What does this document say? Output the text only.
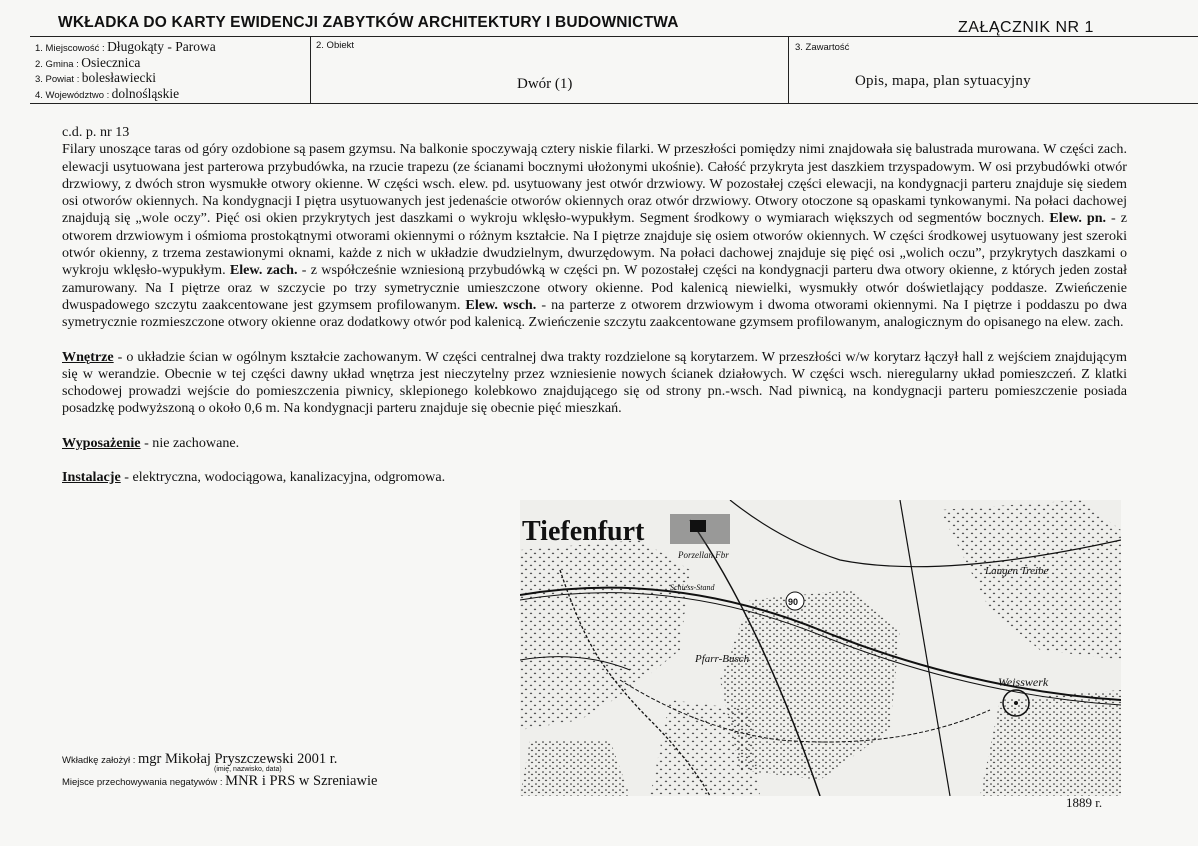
WKŁADKA DO KARTY EWIDENCJI ZABYTKÓW ARCHITEKTURY I BUDOWNICTWA	ZAŁĄCZNIK NR 1
1. Miejscowość : Długokąty - Parowa
2. Gmina : Osiecznica
3. Powiat : bolesławiecki
4. Województwo : dolnośląskie
2. Obiekt
Dwór (1)
3. Zawartość
Opis, mapa, plan sytuacyjny

c.d. p. nr 13

Filary unoszące taras od góry ozdobione są pasem gzymsu. Na balkonie spoczywają cztery niskie filarki. W przeszłości pomiędzy nimi znajdowała się balustrada murowana. W części zach. elewacji usytuowana jest parterowa przybudówka, na rzucie trapezu (ze ścianami bocznymi ułożonymi ukośnie). Całość przykryta jest daszkiem trzyspadowym. W osi przybudówki otwór drzwiowy, z dwóch stron wysmukłe otwory okienne. W części wsch. elew. pd. usytuowany jest otwór drzwiowy. W pozostałej części elewacji, na kondygnacji parteru znajduje się siedem osi otworów okiennych. Na kondygnacji I piętra usytuowanych jest jedenaście otworów okiennych oraz otwór drzwiowy. Otwory otoczone są opaskami tynkowanymi. Na połaci dachowej znajdują się „wole oczy”. Pięć osi okien przykrytych jest daszkami o wykroju wklęsło-wypukłym. Segment środkowy o wymiarach większych od segmentów bocznych. Elew. pn. - z otworem drzwiowym i ośmioma prostokątnymi otworami okiennymi o różnym kształcie. Na I piętrze znajduje się osiem otworów okiennych. W części środkowej usytuowany jest szeroki otwór okienny, z trzema zestawionymi oknami, każde z nich w układzie dwudzielnym, dwurzędowym. Na połaci dachowej znajduje się pięć osi „wolich oczu”, przykrytych daszkami o wykroju wklęsło-wypukłym. Elew. zach. - z współcześnie wzniesioną przybudówką w części pn. W pozostałej części na kondygnacji parteru dwa otwory okienne, z których jeden został zamurowany. Na I piętrze oraz w szczycie po trzy symetrycznie umieszczone otwory okienne. Pod kalenicą niewielki, wysmukły otwór doświetlający poddasze. Zwieńczenie dwuspadowego szczytu zaakcentowane jest gzymsem profilowanym. Elew. wsch. - na parterze z otworem drzwiowym i dwoma otworami okiennymi. Na I piętrze i poddaszu po dwa symetrycznie rozmieszczone otwory okienne oraz dodatkowy otwór pod kalenicą. Zwieńczenie szczytu zaakcentowane gzymsem profilowanym, analogicznym do opisanego na elew. zach.

Wnętrze - o układzie ścian w ogólnym kształcie zachowanym. W części centralnej dwa trakty rozdzielone są korytarzem. W przeszłości w/w korytarz łączył hall z wejściem znajdującym się w werandzie. Obecnie w tej części dawny układ wnętrza jest nieczytelny przez wzniesienie nowych ścianek działowych. W części wsch. nieregularny układ pomieszczeń. Z klatki schodowej prowadzi wejście do pomieszczenia piwnicy, sklepionego kolebkowo znajdującego się od strony pn.-wsch. Nad piwnicą, na kondygnacji parteru pomieszczenie posiada posadzkę podwyższoną o około 0,6 m. Na kondygnacji parteru znajduje się obecnie pięć mieszkań.

Wyposażenie - nie zachowane.

Instalacje - elektryczna, wodociągowa, kanalizacyjna, odgromowa.

Tiefenfurt
Porzellan Fbr
Schiess-Stand
Pfarr-Busch
Langen Treibe
Weisswerk
90
1889 r.
Wkładkę założył : mgr Mikołaj Pryszczewski 2001 r.
(imię, nazwisko, data)
Miejsce przechowywania negatywów : MNR i PRS w Szreniawie
